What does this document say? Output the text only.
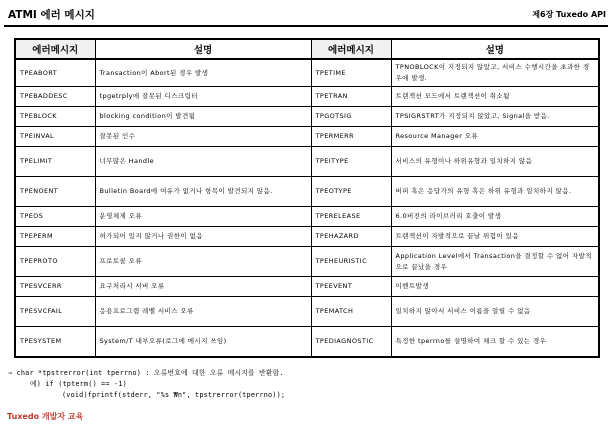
ATMI 에러 메시지	제6장 Tuxedo API
에러메시지	설명	에러메시지	설명
TPEABORT	Transaction이 Abort된 경우 발생	TPETIME	TPNOBLOCK이 지정되지 않았고, 서비스 수행시간을 초과한 경우에 발생.
TPEBADDESC	tpgetrply에 잘못된 디스크립터	TPETRAN	트랜잭션 모드에서 트랜잭션이 취소됨
TPEBLOCK	blocking condition이 발견됨	TPGOTSIG	TPSIGRSTRT가 지정되지 않았고, Signal을 받음.
TPEINVAL	잘못된 인수	TPERMERR	Resource Manager 오류
TPELIMIT	너무많은 Handle	TPEITYPE	서비스의 유형이나 하위유형과 일치하지 않음
TPENOENT	Bulletin Board에 여유가 없거나 항목이 발견되지 않음.	TPEOTYPE	버퍼 혹은 응답가의 유형 혹은 하위 유형과 일치하지 않음.
TPEOS	운영체제 오류	TPERELEASE	6.0버전의 라이브러리 호출이 발생
TPEPERM	허가되어 있지 않거나 권한이 없음	TPEHAZARD	트랜잭션이 자발적으로 끝날 위험이 있음
TPEPROTO	프로토콜 오류	TPEHEURISTIC	Application Level에서 Transaction을 결정할 수 없어 자발적으로 끝났을 경우
TPESVCERR	요구처리시 서버 오류	TPEEVENT	이벤트발생
TPESVCFAIL	응용프로그램 레벨 서비스 오류	TPEMATCH	일치하지 않아서 서비스 이름을 알릴 수 없음
TPESYSTEM	System/T 내부오류(로그에 메시지 쓰임)	TPEDIAGNOSTIC	특정한 tperrno를 설명하여 체크 할 수 있는 경우
⇒ char *tpstrerror(int tperrno) : 오류번호에 대한 오류 메시지를 반환함.
예) if (tpterm() == -1)
(void)fprintf(stderr, "%s ₩n", tpstrerror(tperrno));
Tuxedo 개발자 교육
